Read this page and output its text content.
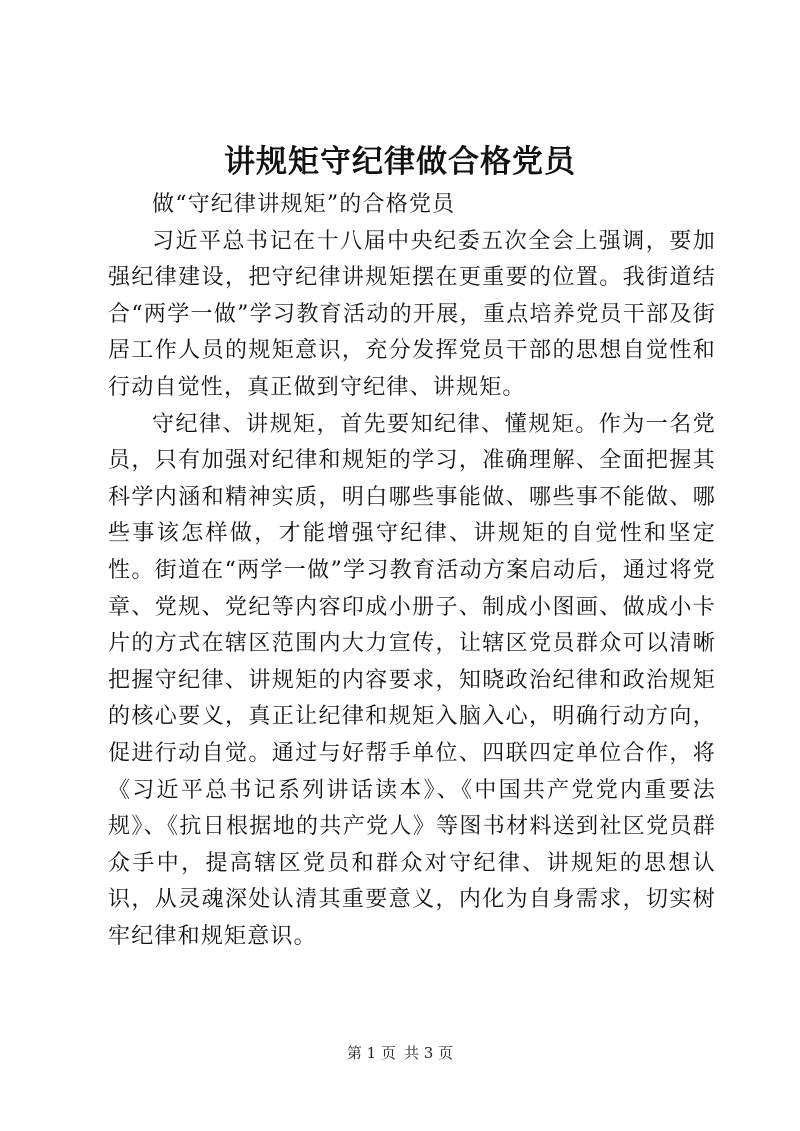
讲规矩守纪律做合格党员

做“守纪律讲规矩”的合格党员

习近平总书记在十八届中央纪委五次全会上强调，要加强纪律建设，把守纪律讲规矩摆在更重要的位置。我街道结合“两学一做”学习教育活动的开展，重点培养党员干部及街居工作人员的规矩意识，充分发挥党员干部的思想自觉性和行动自觉性，真正做到守纪律、讲规矩。

守纪律、讲规矩，首先要知纪律、懂规矩。作为一名党员，只有加强对纪律和规矩的学习，准确理解、全面把握其科学内涵和精神实质，明白哪些事能做、哪些事不能做、哪些事该怎样做，才能增强守纪律、讲规矩的自觉性和坚定性。街道在“两学一做”学习教育活动方案启动后，通过将党章、党规、党纪等内容印成小册子、制成小图画、做成小卡片的方式在辖区范围内大力宣传，让辖区党员群众可以清晰把握守纪律、讲规矩的内容要求，知晓政治纪律和政治规矩的核心要义，真正让纪律和规矩入脑入心，明确行动方向，促进行动自觉。通过与好帮手单位、四联四定单位合作，将《习近平总书记系列讲话读本》、《中国共产党党内重要法规》、《抗日根据地的共产党人》等图书材料送到社区党员群众手中，提高辖区党员和群众对守纪律、讲规矩的思想认识，从灵魂深处认清其重要意义，内化为自身需求，切实树牢纪律和规矩意识。

第 1 页 共 3 页
